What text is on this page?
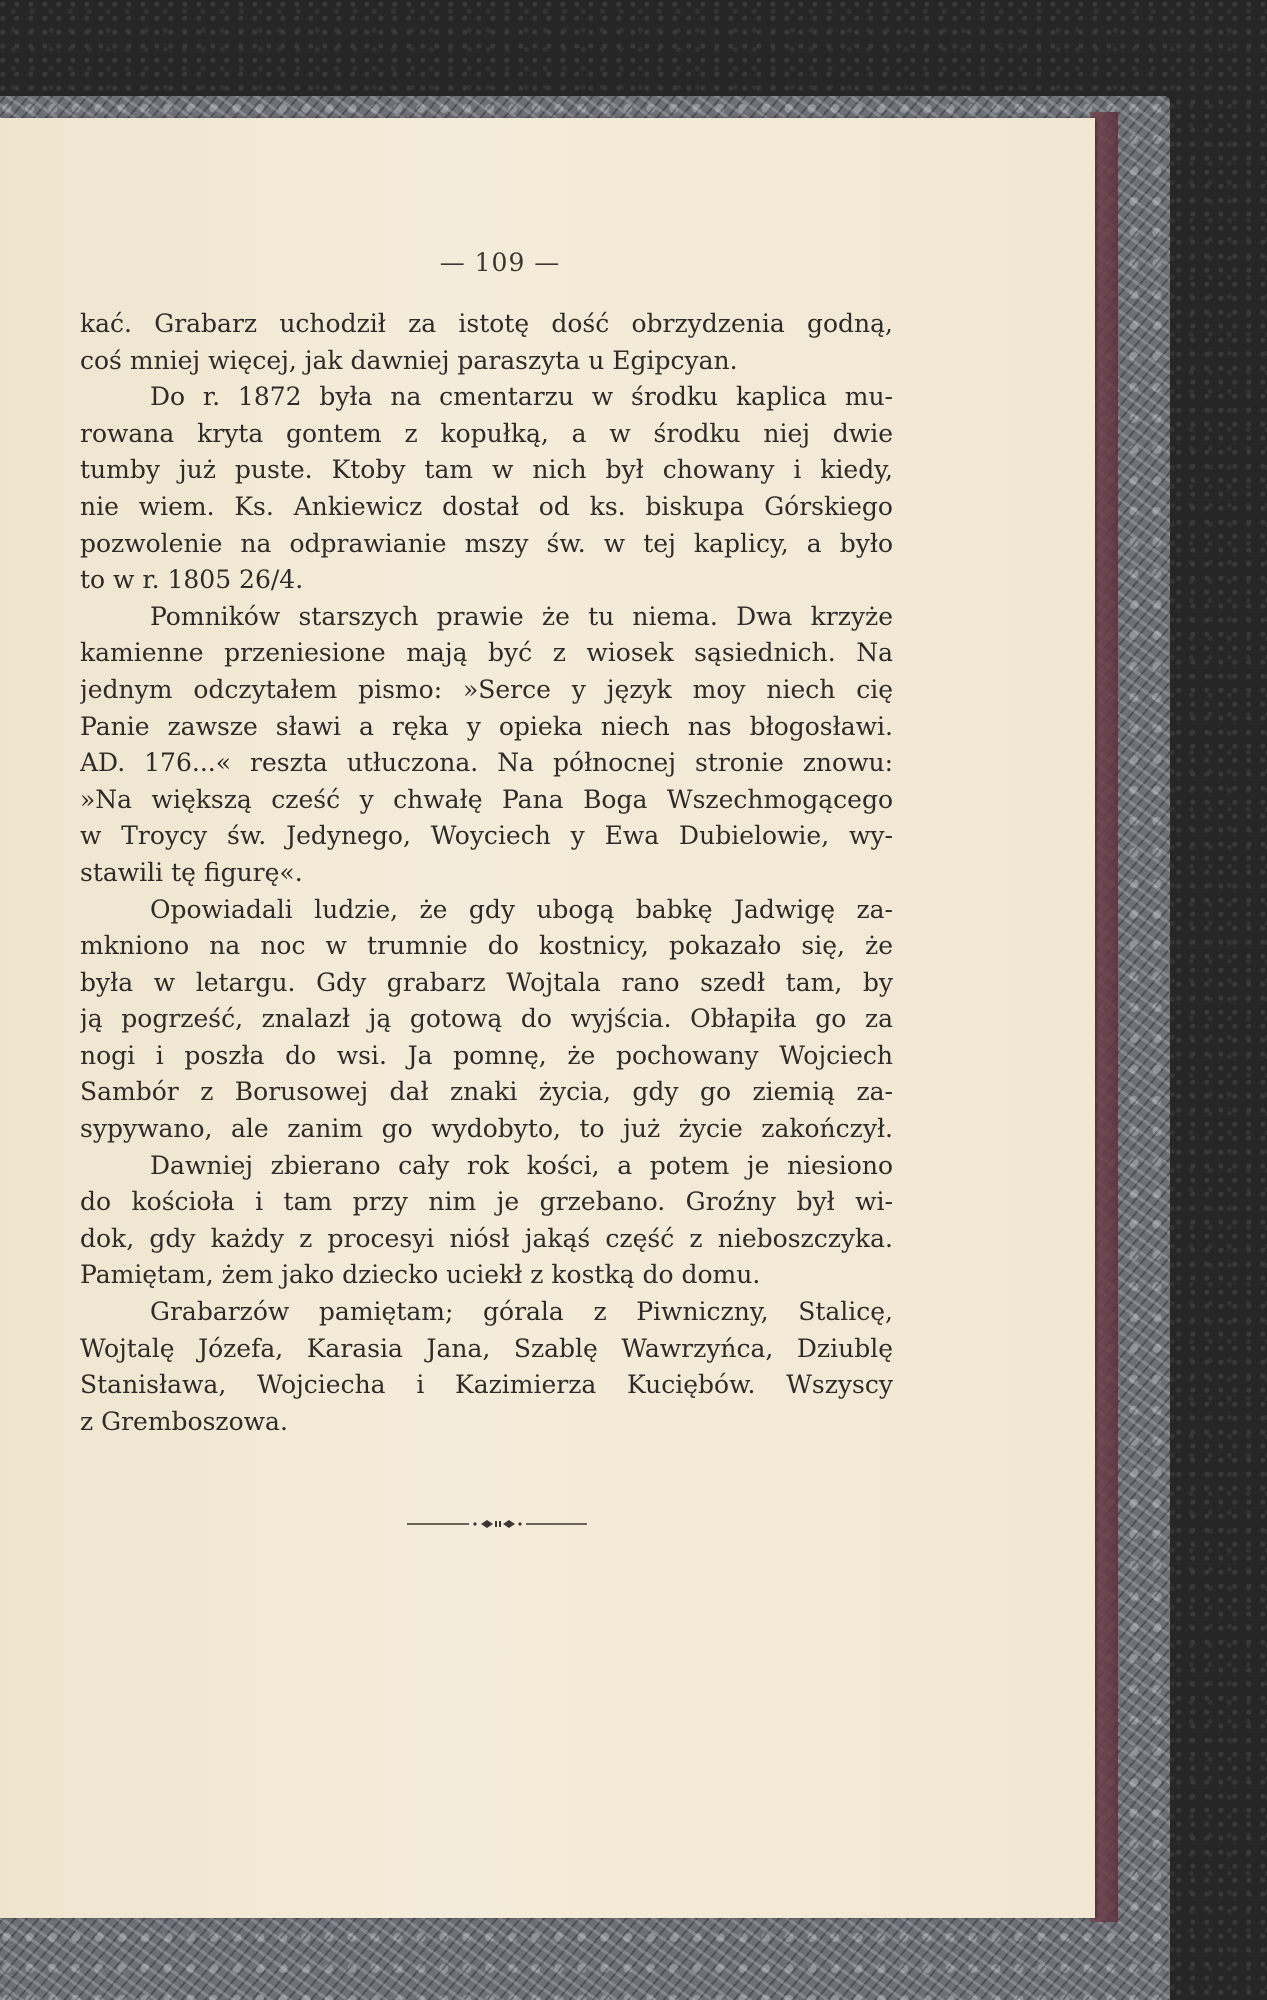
— 109 —
kać. Grabarz uchodził za istotę dość obrzydzenia godną,
coś mniej więcej, jak dawniej paraszyta u Egipcyan.
Do r. 1872 była na cmentarzu w środku kaplica mu-
rowana kryta gontem z kopułką, a w środku niej dwie
tumby już puste. Ktoby tam w nich był chowany i kiedy,
nie wiem. Ks. Ankiewicz dostał od ks. biskupa Górskiego
pozwolenie na odprawianie mszy św. w tej kaplicy, a było
to w r. 1805 26/4.
Pomników starszych prawie że tu niema. Dwa krzyże
kamienne przeniesione mają być z wiosek sąsiednich. Na
jednym odczytałem pismo: »Serce y język moy niech cię
Panie zawsze sławi a ręka y opieka niech nas błogosławi.
AD. 176...« reszta utłuczona. Na północnej stronie znowu:
»Na większą cześć y chwałę Pana Boga Wszechmogącego
w Troycy św. Jedynego, Woyciech y Ewa Dubielowie, wy-
stawili tę figurę«.
Opowiadali ludzie, że gdy ubogą babkę Jadwigę za-
mkniono na noc w trumnie do kostnicy, pokazało się, że
była w letargu. Gdy grabarz Wojtala rano szedł tam, by
ją pogrześć, znalazł ją gotową do wyjścia. Obłapiła go za
nogi i poszła do wsi. Ja pomnę, że pochowany Wojciech
Sambór z Borusowej dał znaki życia, gdy go ziemią za-
sypywano, ale zanim go wydobyto, to już życie zakończył.
Dawniej zbierano cały rok kości, a potem je niesiono
do kościoła i tam przy nim je grzebano. Groźny był wi-
dok, gdy każdy z procesyi niósł jakąś część z nieboszczyka.
Pamiętam, żem jako dziecko uciekł z kostką do domu.
Grabarzów pamiętam; górala z Piwniczny, Stalicę,
Wojtalę Józefa, Karasia Jana, Szablę Wawrzyńca, Dziublę
Stanisława, Wojciecha i Kazimierza Kuciębów. Wszyscy
z Gremboszowa.
